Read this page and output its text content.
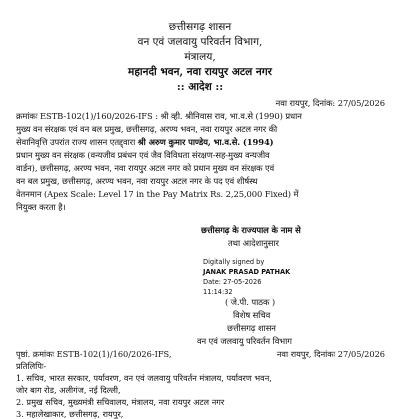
छत्तीसगढ़ शासन
वन एवं जलवायु परिवर्तन विभाग,
मंत्रालय,
महानदी भवन, नवा रायपुर अटल नगर
:: आदेश ::
नवा रायपुर, दिनांक: 27/05/2026
क्रमांकः ESTB-102(1)/160/2026-IFS : श्री व्ही. श्रीनिवास राव, भा.व.से (1990) प्रधान
मुख्य वन संरक्षक एवं वन बल प्रमुख, छत्तीसगढ़, अरण्य भवन, नवा रायपुर अटल नगर की
सेवानिवृत्ति उपरांत राज्य शासन एतद्द्वारा श्री अरुण कुमार पाण्डेय, भा.व.से. (1994)
प्रधान मुख्य वन संरक्षक (वन्यजीव प्रबंधन एवं जैव विविधता संरक्षण-सह-मुख्य वन्यजीव
वार्डन), छत्तीसगढ़, अरण्य भवन, नवा रायपुर अटल नगर को प्रधान मुख्य वन संरक्षक एवं
वन बल प्रमुख, छत्तीसगढ़, अरण्य भवन, नवा रायपुर अटल नगर के पद एवं शीर्षस्थ
वेतनमान (Apex Scale: Level 17 in the Pay Matrix Rs. 2,25,000 Fixed) में
नियुक्त करता है।
छत्तीसगढ़ के राज्यपाल के नाम से
तथा आदेशानुसार
Digitally signed by
JANAK PRASAD PATHAK
Date: 27-05-2026
11:14:32
( जे.पी. पाठक )
विशेष सचिव
छत्तीसगढ़ शासन
वन एवं जलवायु परिवर्तन विभाग
पृष्ठां. क्रमांकः ESTB-102(1)/160/2026-IFS,	नवा रायपुर, दिनांकः 27/05/2026
प्रतिलिपिः-
1. सचिव, भारत सरकार, पर्यावरण, वन एवं जलवायु परिवर्तन मंत्रालय, पर्यावरण भवन,
जोर बाग रोड, अलीगंज, नई दिल्ली,
2. प्रमुख सचिव, मुख्यमंत्री सचिवालय, मंत्रालय, नवा रायपुर अटल नगर
3. महालेखाकार, छत्तीसगढ़, रायपुर,
